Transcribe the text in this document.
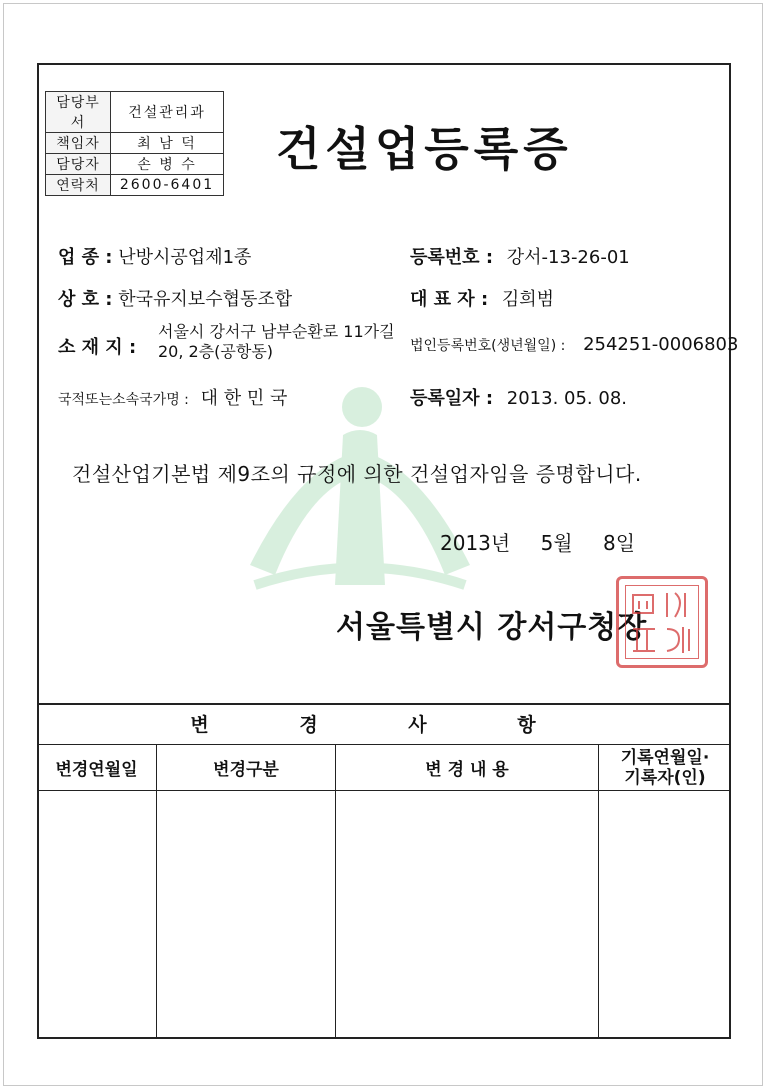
담당부서	건설관리과
책임자	최 남 덕
담당자	손 병 수
연락처	2600-6401
건설업등록증
업 종 : 난방시공업제1종	등록번호 : 강서-13-26-01
상 호 : 한국유지보수협동조합	대 표 자 : 김희범
소 재 지 :
서울시 강서구 남부순환로 11가길
20, 2층(공항동)	법인등록번호(생년월일) : 254251-0006803
국적또는소속국가명 : 대 한 민 국	등록일자 : 2013. 05. 08.
건설산업기본법 제9조의 규정에 의한 건설업자임을 증명합니다.
2013년 5월 8일
서울특별시 강서구청장
변 경 사 항
변경연월일	변경구분	변 경 내 용
기록연월일·
기록자(인)
